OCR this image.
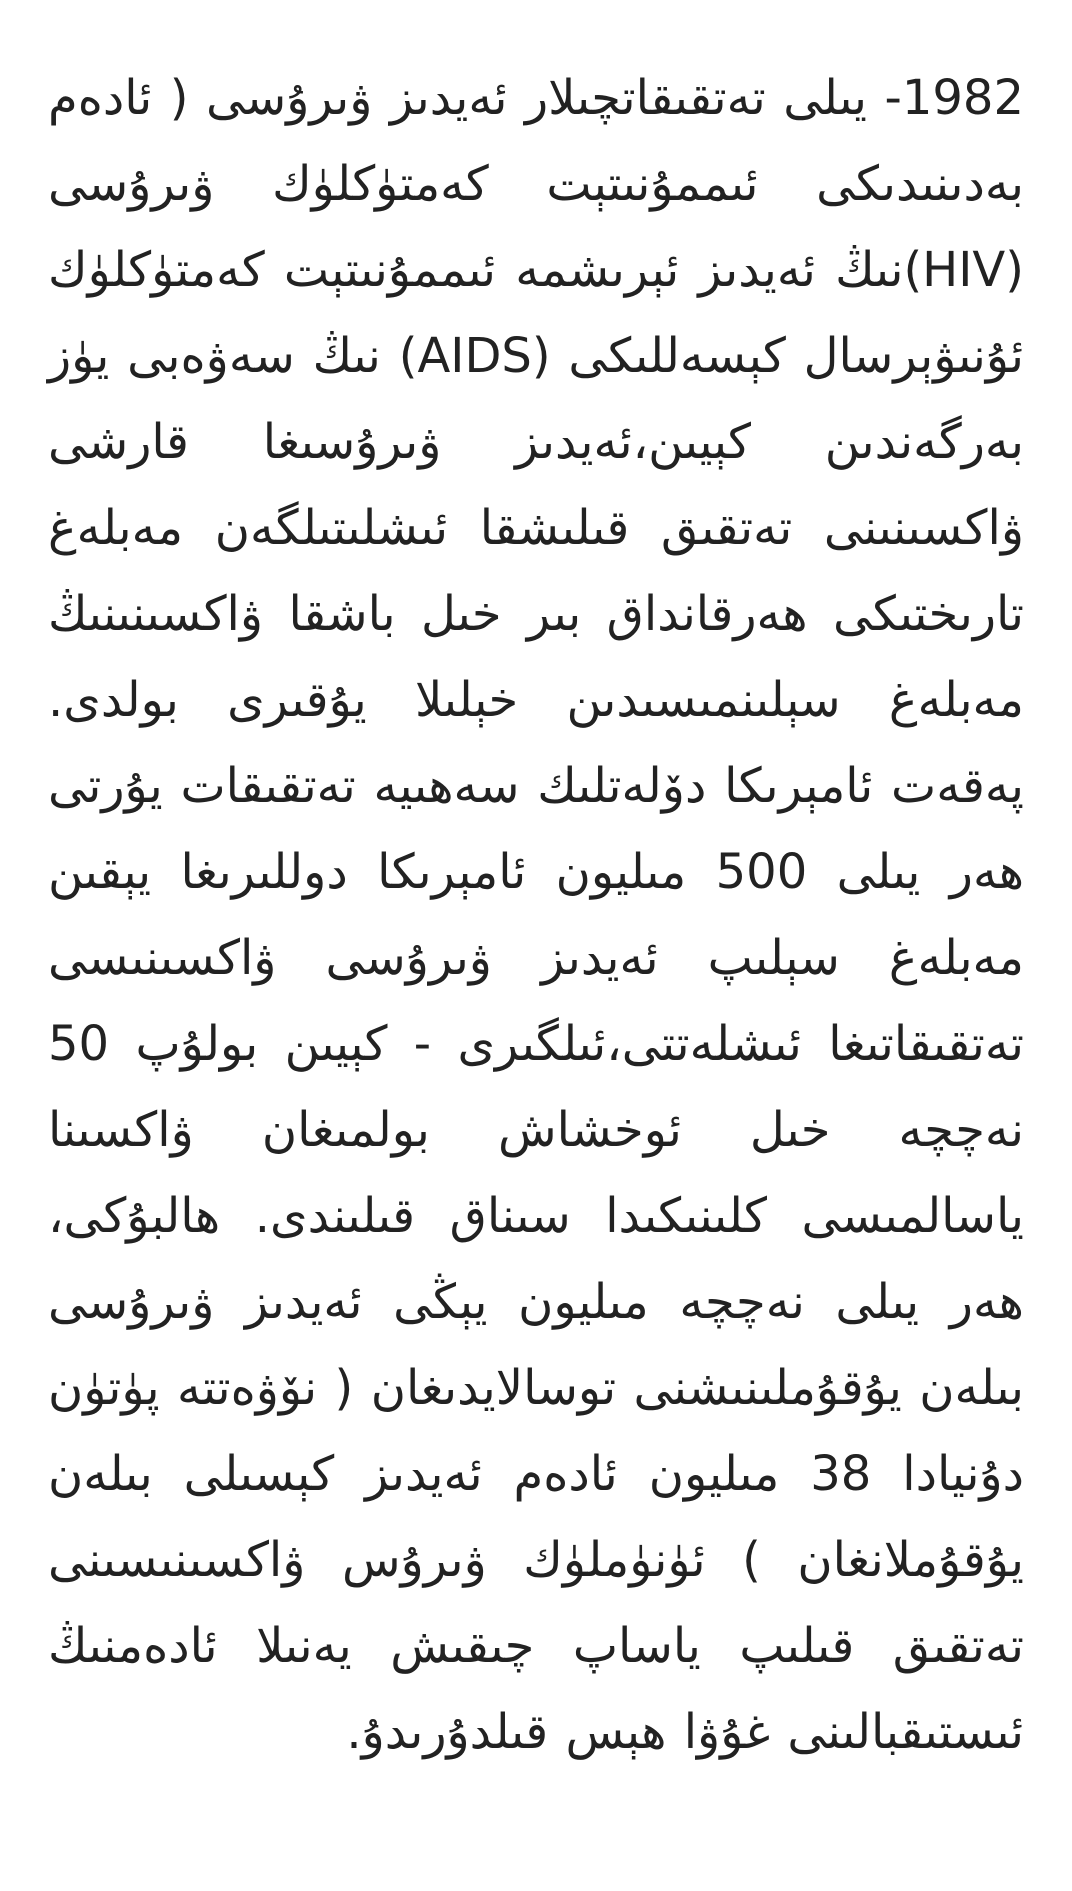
1982- يىلى تەتقىقاتچىلار ئەيدىز ۋىرۇسى ( ئادەم بەدىنىدىكى ئىممۇنىتېت كەمتۈكلۈك ۋىرۇسى (HIV)نىڭ ئەيدىز ئېرىشمە ئىممۇنىتېت كەمتۈكلۈك ئۇنىۋېرسال كېسەللىكى (AIDS) نىڭ سەۋەبى يۈز بەرگەندىن كېيىن،ئەيدىز ۋىرۇسىغا قارشى ۋاكسىنىنى تەتقىق قىلىشقا ئىشلىتىلگەن مەبلەغ تارىختىكى ھەرقانداق بىر خىل باشقا ۋاكسىنىنىڭ مەبلەغ سېلىنمىسىدىن خېلىلا يۇقىرى بولدى. پەقەت ئامېرىكا دۆلەتلىك سەھىيە تەتقىقات يۇرتى ھەر يىلى 500 مىليون ئامېرىكا دوللىرىغا يېقىن مەبلەغ سېلىپ ئەيدىز ۋىرۇسى ۋاكسىنىسى تەتقىقاتىغا ئىشلەتتى،ئىلگىرى - كېيىن بولۇپ 50 نەچچە خىل ئوخشاش بولمىغان ۋاكسىنا ياسالمىسى كلىنىكىدا سىناق قىلىندى. ھالبۇكى، ھەر يىلى نەچچە مىليون يېڭى ئەيدىز ۋىرۇسى بىلەن يۇقۇملىنىشنى توسالايدىغان ( نۆۋەتتە پۈتۈن دۇنيادا 38 مىليون ئادەم ئەيدىز كېسىلى بىلەن يۇقۇملانغان ) ئۈنۈملۈك ۋىرۇس ۋاكسىنىسىنى تەتقىق قىلىپ ياساپ چىقىش يەنىلا ئادەمنىڭ ئىستىقبالىنى غۇۋا ھېس قىلدۇرىدۇ.
